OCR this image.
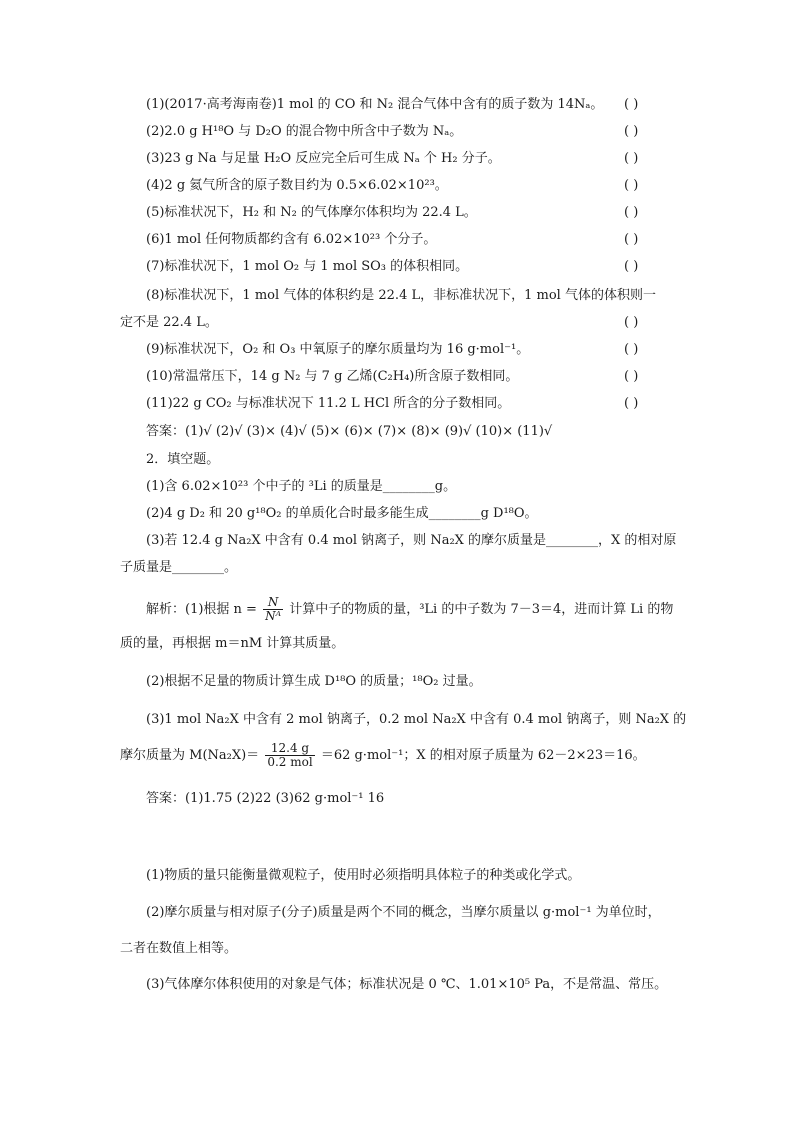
(1)(2017·高考海南卷)1 mol 的 CO 和 N₂ 混合气体中含有的质子数为 14Nₐ。 ( )
(2)2.0 g H¹⁸O 与 D₂O 的混合物中所含中子数为 Nₐ。	( )
(3)23 g Na 与足量 H₂O 反应完全后可生成 Nₐ 个 H₂ 分子。	( )
(4)2 g 氦气所含的原子数目约为 0.5×6.02×10²³。	( )
(5)标准状况下，H₂ 和 N₂ 的气体摩尔体积均为 22.4 L。	( )
(6)1 mol 任何物质都约含有 6.02×10²³ 个分子。	( )
(7)标准状况下，1 mol O₂ 与 1 mol SO₃ 的体积相同。	( )
(8)标准状况下，1 mol 气体的体积约是 22.4 L，非标准状况下，1 mol 气体的体积则一
定不是 22.4 L。	( )
(9)标准状况下，O₂ 和 O₃ 中氧原子的摩尔质量均为 16 g·mol⁻¹。	( )
(10)常温常压下，14 g N₂ 与 7 g 乙烯(C₂H₄)所含原子数相同。	( )
(11)22 g CO₂ 与标准状况下 11.2 L HCl 所含的分子数相同。	( )
答案：(1)√ (2)√ (3)× (4)√ (5)× (6)× (7)× (8)× (9)√ (10)× (11)√
2．填空题。
(1)含 6.02×10²³ 个中子的 ³Li 的质量是________g。
(2)4 g D₂ 和 20 g¹⁸O₂ 的单质化合时最多能生成________g D¹⁸O。
(3)若 12.4 g Na₂X 中含有 0.4 mol 钠离子，则 Na₂X 的摩尔质量是________，X 的相对原
子质量是________。
解析：(1)根据 $n = \frac{N}{\text{Nᴬ}}$ 计算中子的物质的量，³Li 的中子数为 7－3＝4，进而计算 Li 的物
质的量，再根据 m＝nM 计算其质量。
(2)根据不足量的物质计算生成 D¹⁸O 的质量；¹⁸O₂ 过量。
(3)1 mol Na₂X 中含有 2 mol 钠离子，0.2 mol Na₂X 中含有 0.4 mol 钠离子，则 Na₂X 的
摩尔质量为 $M(Na_2X)= \frac{12.4 g}{\text{0.2 mol}} =62$ g·mol⁻¹；X 的相对原子质量为 62－2×23＝16。
答案：(1)1.75 (2)22 (3)62 g·mol⁻¹ 16
(1)物质的量只能衡量微观粒子，使用时必须指明具体粒子的种类或化学式。
(2)摩尔质量与相对原子(分子)质量是两个不同的概念，当摩尔质量以 g·mol⁻¹ 为单位时，
二者在数值上相等。
(3)气体摩尔体积使用的对象是气体；标准状况是 0 ℃、1.01×10⁵ Pa，不是常温、常压。
